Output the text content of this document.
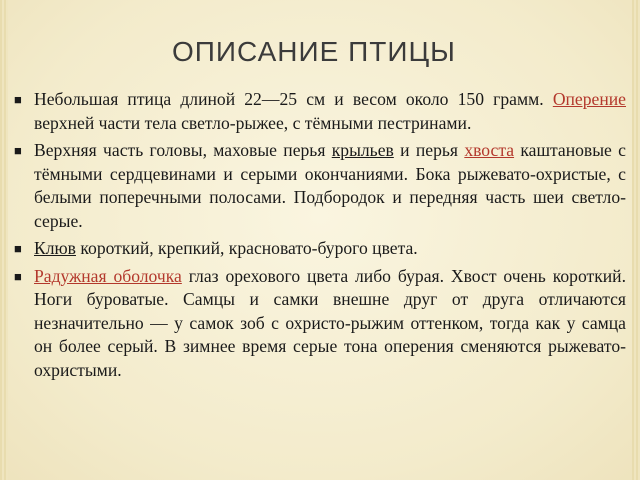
ОПИСАНИЕ ПТИЦЫ
■ Небольшая птица длиной 22—25 см и весом около 150 грамм. Оперение верхней части тела светло-рыжее, с тёмными пестринами.
■ Верхняя часть головы, маховые перья крыльев и перья хвоста каштановые с тёмными сердцевинами и серыми окончаниями. Бока рыжевато-охристые, с белыми поперечными полосами. Подбородок и передняя часть шеи светло-серые.
■ Клюв короткий, крепкий, красновато-бурого цвета.
■ Радужная оболочка глаз орехового цвета либо бурая. Хвост очень короткий. Ноги буроватые. Самцы и самки внешне друг от друга отличаются незначительно — у самок зоб с охристо-рыжим оттенком, тогда как у самца он более серый. В зимнее время серые тона оперения сменяются рыжевато-охристыми.
